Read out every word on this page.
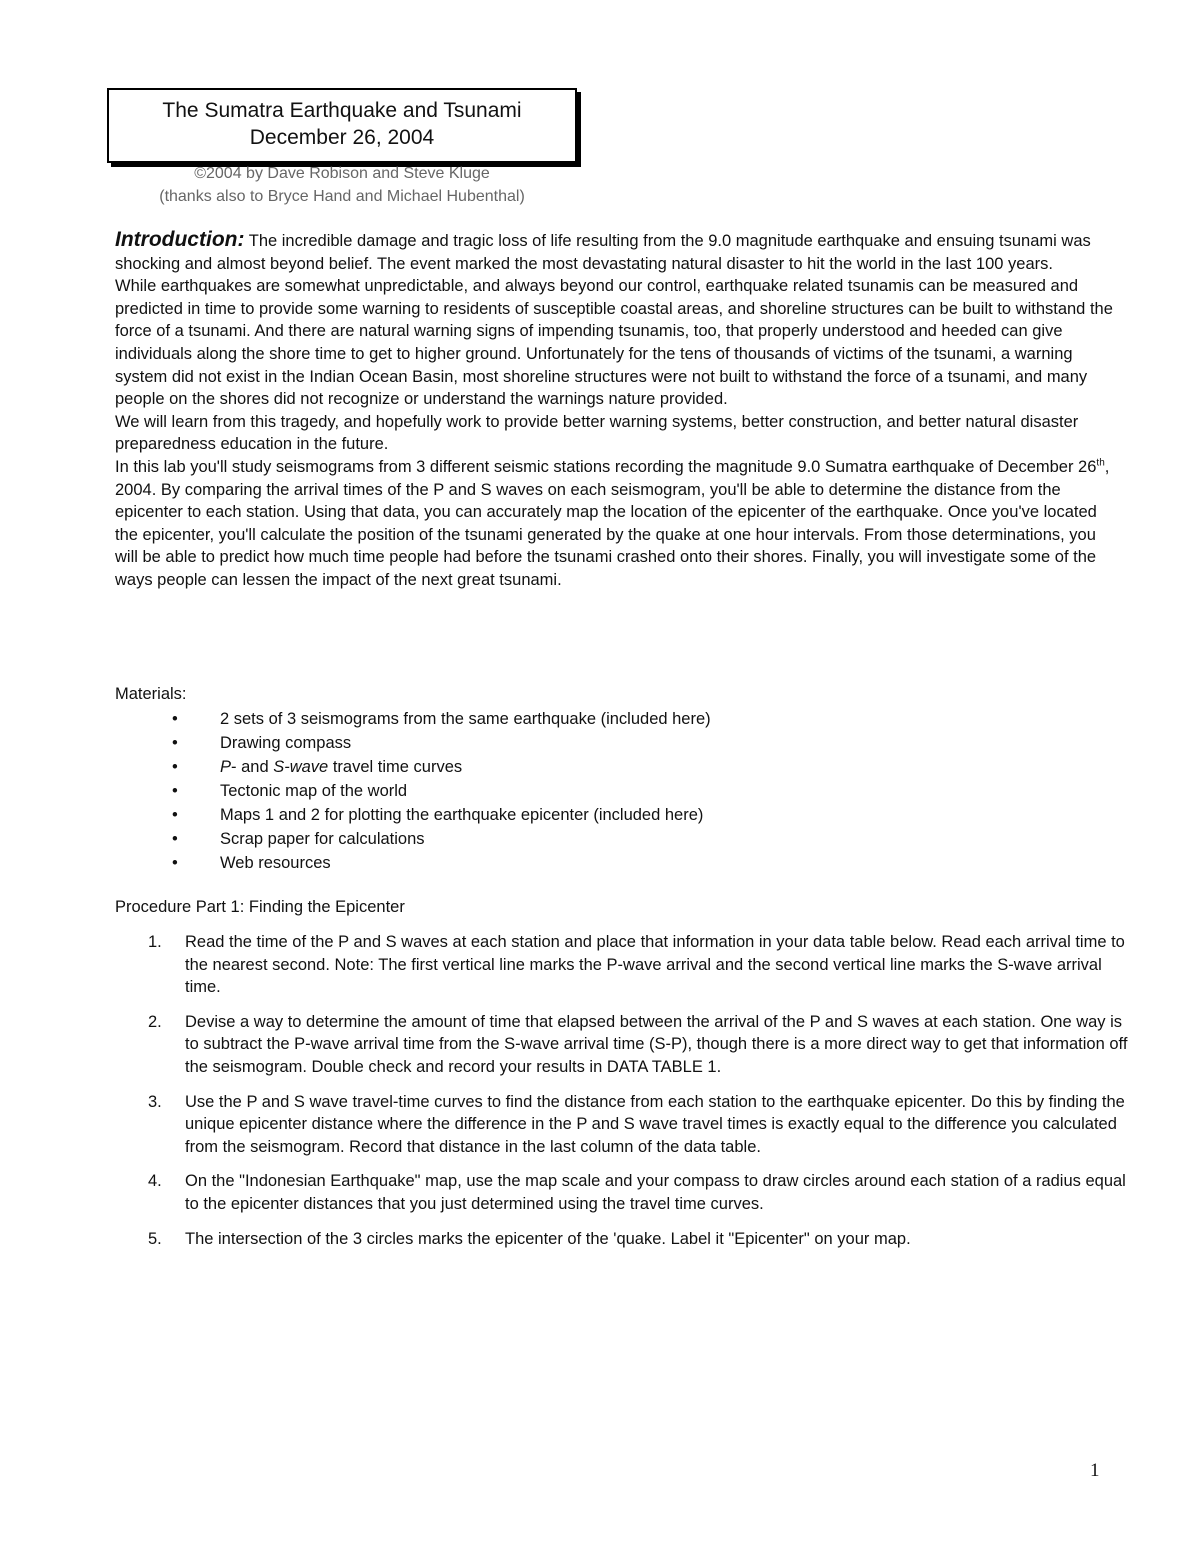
The Sumatra Earthquake and Tsunami
December 26, 2004
©2004 by Dave Robison and Steve Kluge
(thanks also to Bryce Hand and Michael Hubenthal)

Introduction: The incredible damage and tragic loss of life resulting from the 9.0 magnitude earthquake and ensuing tsunami was shocking and almost beyond belief. The event marked the most devastating natural disaster to hit the world in the last 100 years.

While earthquakes are somewhat unpredictable, and always beyond our control, earthquake related tsunamis can be measured and predicted in time to provide some warning to residents of susceptible coastal areas, and shoreline structures can be built to withstand the force of a tsunami. And there are natural warning signs of impending tsunamis, too, that properly understood and heeded can give individuals along the shore time to get to higher ground. Unfortunately for the tens of thousands of victims of the tsunami, a warning system did not exist in the Indian Ocean Basin, most shoreline structures were not built to withstand the force of a tsunami, and many people on the shores did not recognize or understand the warnings nature provided.

We will learn from this tragedy, and hopefully work to provide better warning systems, better construction, and better natural disaster preparedness education in the future.

In this lab you'll study seismograms from 3 different seismic stations recording the magnitude 9.0 Sumatra earthquake of December 26th, 2004. By comparing the arrival times of the P and S waves on each seismogram, you'll be able to determine the distance from the epicenter to each station. Using that data, you can accurately map the location of the epicenter of the earthquake. Once you've located the epicenter, you'll calculate the position of the tsunami generated by the quake at one hour intervals. From those determinations, you will be able to predict how much time people had before the tsunami crashed onto their shores. Finally, you will investigate some of the ways people can lessen the impact of the next great tsunami.

Materials:
•	2 sets of 3 seismograms from the same earthquake (included here)
•	Drawing compass
•	P- and S-wave travel time curves
•	Tectonic map of the world
•	Maps 1 and 2 for plotting the earthquake epicenter (included here)
•	Scrap paper for calculations
•	Web resources
Procedure Part 1: Finding the Epicenter
1. Read the time of the P and S waves at each station and place that information in your data table below. Read each arrival time to the nearest second. Note: The first vertical line marks the P-wave arrival and the second vertical line marks the S-wave arrival time.
2. Devise a way to determine the amount of time that elapsed between the arrival of the P and S waves at each station. One way is to subtract the P-wave arrival time from the S-wave arrival time (S-P), though there is a more direct way to get that information off the seismogram. Double check and record your results in DATA TABLE 1.
3. Use the P and S wave travel-time curves to find the distance from each station to the earthquake epicenter. Do this by finding the unique epicenter distance where the difference in the P and S wave travel times is exactly equal to the difference you calculated from the seismogram. Record that distance in the last column of the data table.
4. On the "Indonesian Earthquake" map, use the map scale and your compass to draw circles around each station of a radius equal to the epicenter distances that you just determined using the travel time curves.
5. The intersection of the 3 circles marks the epicenter of the 'quake. Label it "Epicenter" on your map.
1
